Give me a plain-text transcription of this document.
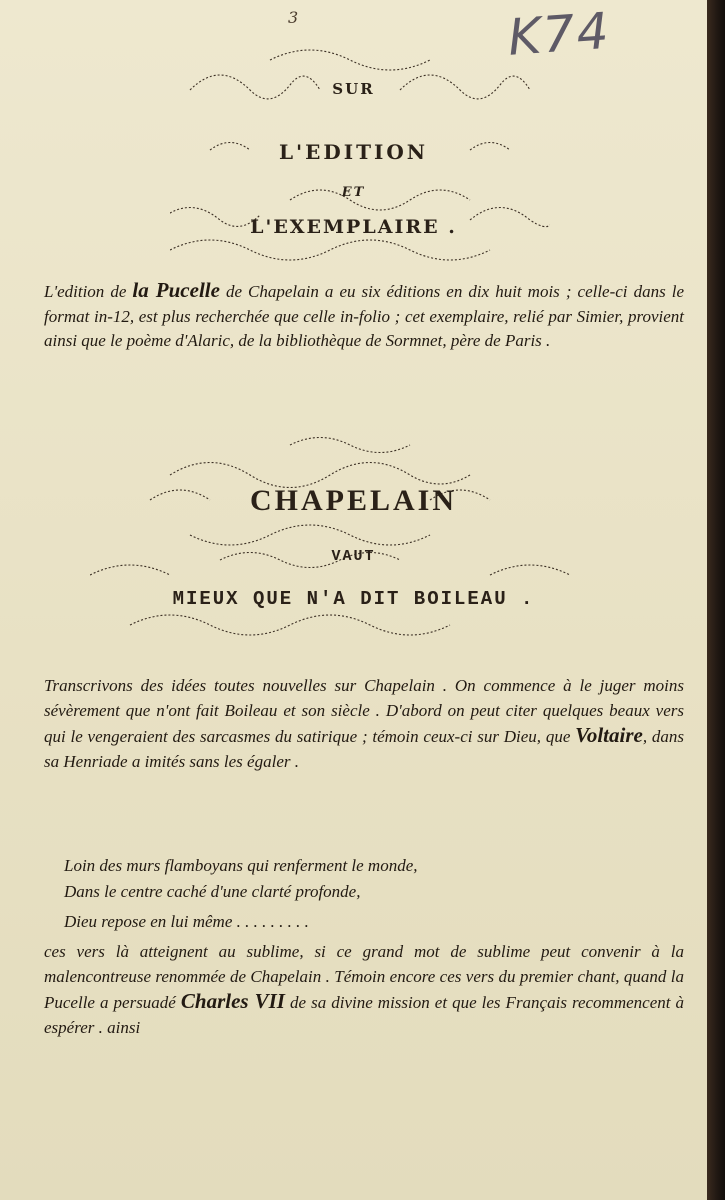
3	K74
SUR
L'EDITION
ET
L'EXEMPLAIRE .
L'edition de la Pucelle de Chapelain a eu six éditions en dix huit mois ; celle-ci dans le format in-12, est plus recherchée que celle in-folio ; cet exemplaire, relié par Simier, provient ainsi que le poème d'Alaric, de la bibliothèque de Sormnet, père de Paris .
CHAPELAIN
VAUT
MIEUX QUE N'A DIT BOILEAU .
Transcrivons des idées toutes nouvelles sur Chapelain . On commence à le juger moins sévèrement que n'ont fait Boileau et son siècle . D'abord on peut citer quelques beaux vers qui le vengeraient des sarcasmes du satirique ; témoin ceux-ci sur Dieu, que Voltaire, dans sa Henriade a imités sans les égaler .
Loin des murs flamboyans qui renferment le monde,
Dans le centre caché d'une clarté profonde,
Dieu repose en lui même . . . . . . . . .
ces vers là atteignent au sublime, si ce grand mot de sublime peut convenir à la malencontreuse renommée de Chapelain . Témoin encore ces vers du premier chant, quand la Pucelle a persuadé Charles VII de sa divine mission et que les Français recommencent à espérer . ainsi
